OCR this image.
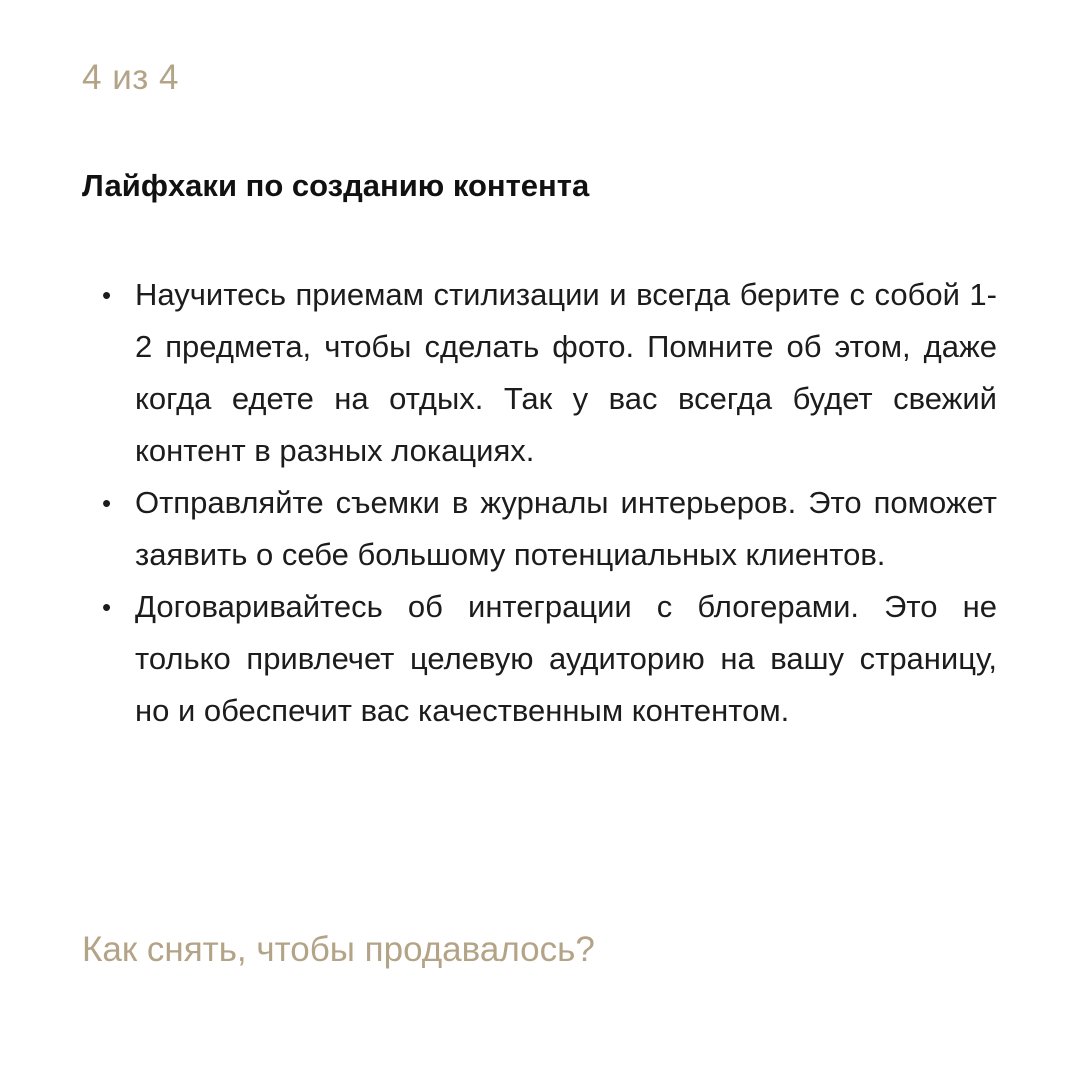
4 из 4
Лайфхаки по созданию контента
• Научитесь приемам стилизации и всегда берите с собой 1-2 предмета, чтобы сделать фото. Помните об этом, даже когда едете на отдых. Так у вас всегда будет свежий контент в разных локациях.
• Отправляйте съемки в журналы интерьеров. Это поможет заявить о себе большому потенциальных клиентов.
• Договаривайтесь об интеграции с блогерами. Это не только привлечет целевую аудиторию на вашу страницу, но и обеспечит вас качественным контентом.
Как снять, чтобы продавалось?
